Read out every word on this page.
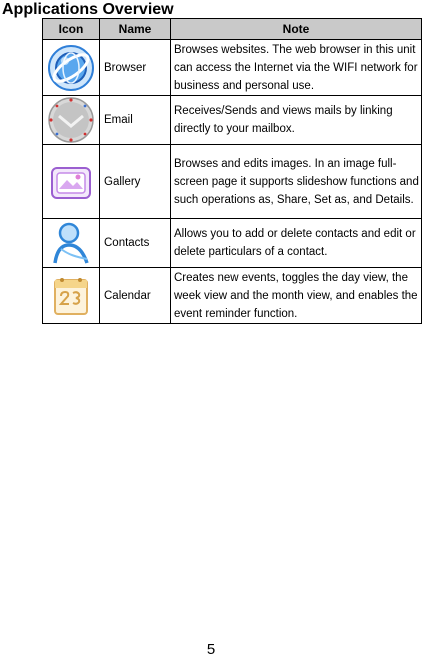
Applications Overview
Icon	Name	Note

	Browser	Browses websites. The web browser in this unit can access the Internet via the WIFI network for business and personal use.

	Email	Receives/Sends and views mails by linking directly to your mailbox.

	Gallery	Browses and edits images. In an image full-screen page it supports slideshow functions and such operations as, Share, Set as, and Details.

	Contacts	Allows you to add or delete contacts and edit or delete particulars of a contact.

	Calendar	Creates new events, toggles the day view, the week view and the month view, and enables the event reminder function.
5
